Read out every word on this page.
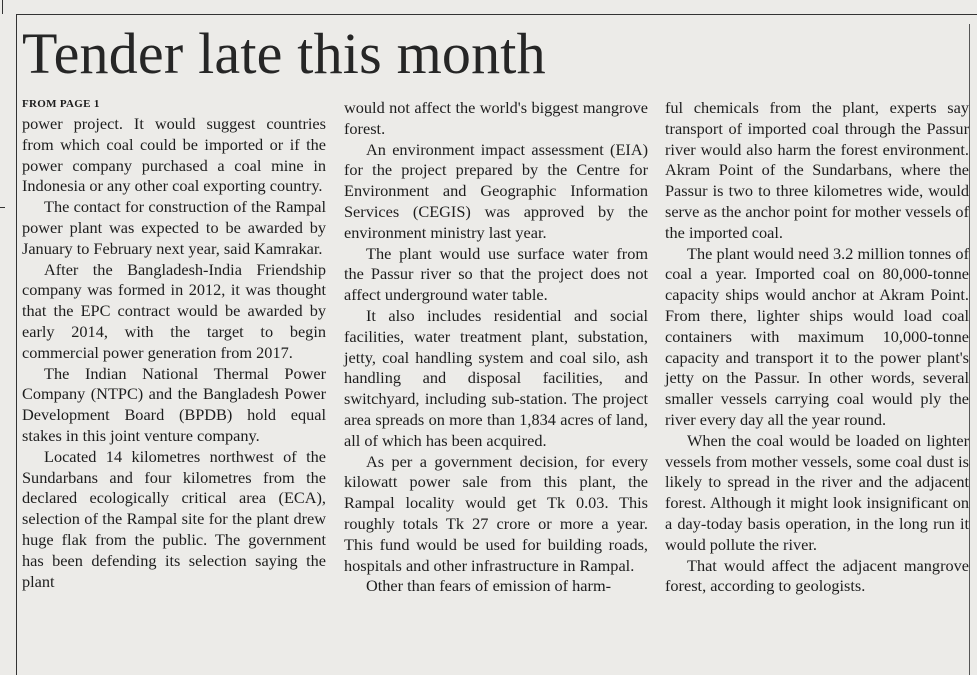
Tender late this month
FROM PAGE 1

power project. It would suggest countries from which coal could be imported or if the power company purchased a coal mine in Indonesia or any other coal exporting country.

The contact for construction of the Rampal power plant was expected to be awarded by January to February next year, said Kamrakar.

After the Bangladesh-India Friendship company was formed in 2012, it was thought that the EPC contract would be awarded by early 2014, with the target to begin commercial power generation from 2017.

The Indian National Thermal Power Company (NTPC) and the Bangladesh Power Development Board (BPDB) hold equal stakes in this joint venture company.

Located 14 kilometres northwest of the Sundarbans and four kilometres from the declared ecologically critical area (ECA), selection of the Rampal site for the plant drew huge flak from the public. The government has been defending its selection saying the plant

would not affect the world's biggest mangrove forest.

An environment impact assessment (EIA) for the project prepared by the Centre for Environment and Geographic Information Services (CEGIS) was approved by the environment ministry last year.

The plant would use surface water from the Passur river so that the project does not affect underground water table.

It also includes residential and social facilities, water treatment plant, substation, jetty, coal handling system and coal silo, ash handling and disposal facilities, and switchyard, including sub-station. The project area spreads on more than 1,834 acres of land, all of which has been acquired.

As per a government decision, for every kilowatt power sale from this plant, the Rampal locality would get Tk 0.03. This roughly totals Tk 27 crore or more a year. This fund would be used for building roads, hospitals and other infrastructure in Rampal.

Other than fears of emission of harm-

ful chemicals from the plant, experts say transport of imported coal through the Passur river would also harm the forest environment. Akram Point of the Sundarbans, where the Passur is two to three kilometres wide, would serve as the anchor point for mother vessels of the imported coal.

The plant would need 3.2 million tonnes of coal a year. Imported coal on 80,000-tonne capacity ships would anchor at Akram Point. From there, lighter ships would load coal containers with maximum 10,000-tonne capacity and transport it to the power plant's jetty on the Passur. In other words, several smaller vessels carrying coal would ply the river every day all the year round.

When the coal would be loaded on lighter vessels from mother vessels, some coal dust is likely to spread in the river and the adjacent forest. Although it might look insignificant on a day-today basis operation, in the long run it would pollute the river.

That would affect the adjacent mangrove forest, according to geologists.
